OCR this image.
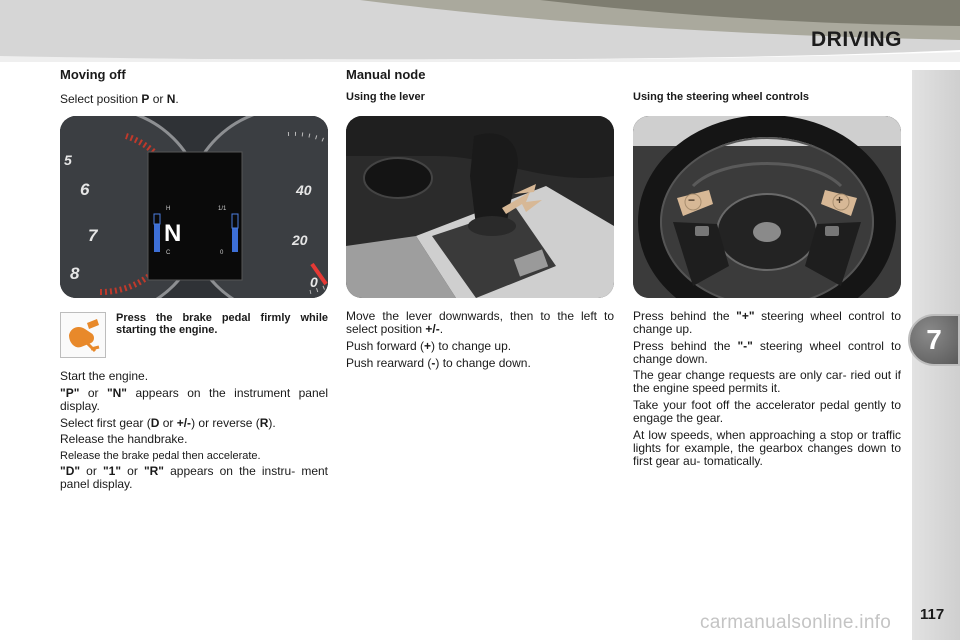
DRIVING
7
Moving off

Select position P or N.

5
6
7
8
40
20
0
N
H
C
1/1
0

Press the brake pedal firmly while starting the engine.

Start the engine.

"P" or "N" appears on the instrument panel display.

Select first gear (D or +/-) or reverse (R).

Release the handbrake.

Release the brake pedal then accelerate.

"D" or "1" or "R" appears on the instru- ment panel display.

Manual node
Using the lever

Move the lever downwards, then to the left to select position +/-.

Push forward (+) to change up.

Push rearward (-) to change down.

Using the steering wheel controls
−	+

Press behind the "+" steering wheel control to change up.

Press behind the "-" steering wheel control to change down.

The gear change requests are only car- ried out if the engine speed permits it.

Take your foot off the accelerator pedal gently to engage the gear.

At low speeds, when approaching a stop or traffic lights for example, the gearbox changes down to first gear au- tomatically.

carmanualsonline.info 117
